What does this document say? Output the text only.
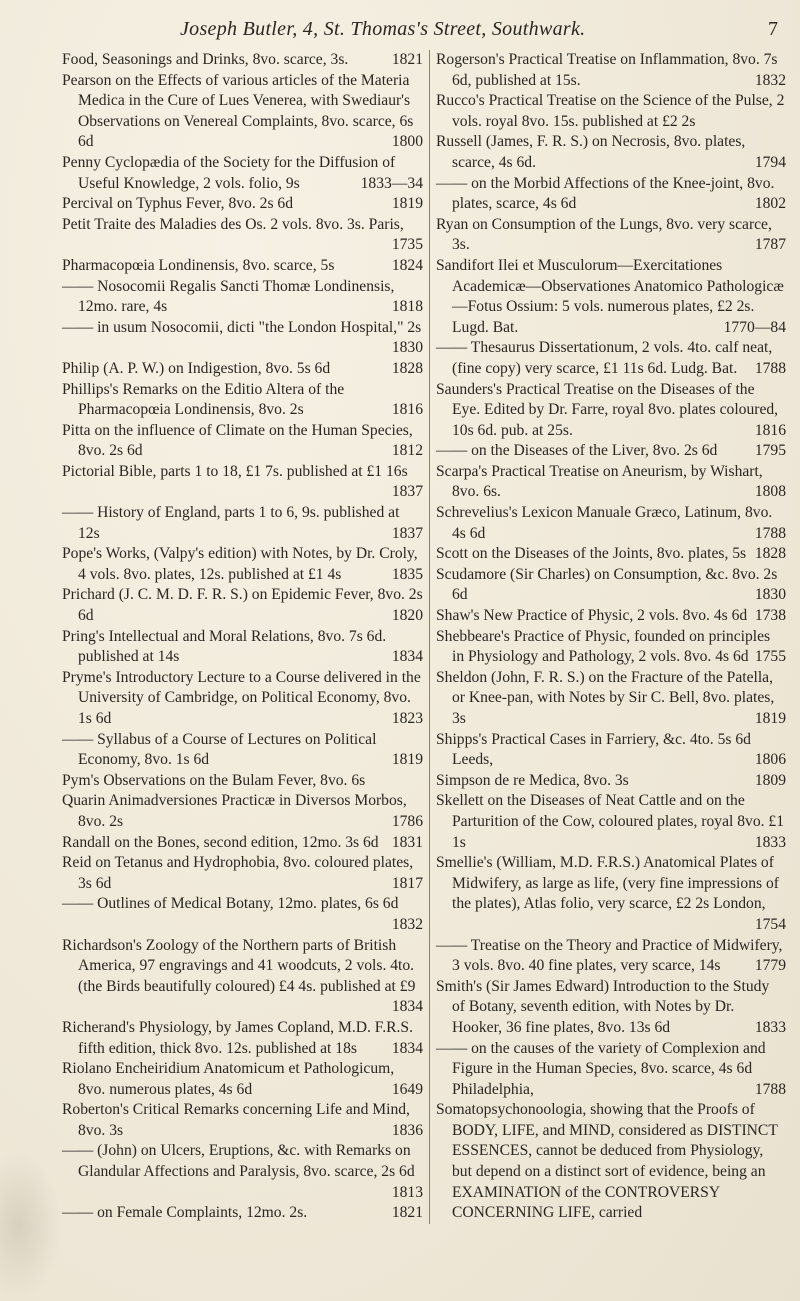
Joseph Butler, 4, St. Thomas's Street, Southwark.	7

Food, Seasonings and Drinks, 8vo. scarce, 3s.	1821

Pearson on the Effects of various articles of the Materia Medica in the Cure of Lues Venerea, with Swediaur's Observations on Venereal Complaints, 8vo. scarce, 6s 6d	1800

Penny Cyclopædia of the Society for the Diffusion of Useful Knowledge, 2 vols. folio, 9s	1833—34

Percival on Typhus Fever, 8vo. 2s 6d	1819

Petit Traite des Maladies des Os. 2 vols. 8vo. 3s. Paris,
1735

Pharmacopœia Londinensis, 8vo. scarce, 5s	1824

—— Nosocomii Regalis Sancti Thomæ Londinensis, 12mo. rare, 4s	1818

—— in usum Nosocomii, dicti "the London Hospital," 2s
1830

Philip (A. P. W.) on Indigestion, 8vo. 5s 6d	1828

Phillips's Remarks on the Editio Altera of the Pharmacopœia Londinensis, 8vo. 2s	1816

Pitta on the influence of Climate on the Human Species, 8vo. 2s 6d	1812

Pictorial Bible, parts 1 to 18, £1 7s. published at £1 16s
1837

—— History of England, parts 1 to 6, 9s. published at 12s	1837

Pope's Works, (Valpy's edition) with Notes, by Dr. Croly, 4 vols. 8vo. plates, 12s. published at £1 4s	1835

Prichard (J. C. M. D. F. R. S.) on Epidemic Fever, 8vo. 2s 6d	1820

Pring's Intellectual and Moral Relations, 8vo. 7s 6d. published at 14s	1834

Pryme's Introductory Lecture to a Course delivered in the University of Cambridge, on Political Economy, 8vo. 1s 6d	1823

—— Syllabus of a Course of Lectures on Political Economy, 8vo. 1s 6d	1819

Pym's Observations on the Bulam Fever, 8vo. 6s

Quarin Animadversiones Practicæ in Diversos Morbos, 8vo. 2s	1786

Randall on the Bones, second edition, 12mo. 3s 6d 1831

Reid on Tetanus and Hydrophobia, 8vo. coloured plates, 3s 6d	1817

—— Outlines of Medical Botany, 12mo. plates, 6s 6d
1832

Richardson's Zoology of the Northern parts of British America, 97 engravings and 41 woodcuts, 2 vols. 4to. (the Birds beautifully coloured) £4 4s. published at £9
1834

Richerand's Physiology, by James Copland, M.D. F.R.S. fifth edition, thick 8vo. 12s. published at 18s 1834

Riolano Encheiridium Anatomicum et Pathologicum, 8vo. numerous plates, 4s 6d	1649

Roberton's Critical Remarks concerning Life and Mind, 8vo. 3s	1836

—— (John) on Ulcers, Eruptions, &c. with Remarks on Glandular Affections and Paralysis, 8vo. scarce, 2s 6d
1813

—— on Female Complaints, 12mo. 2s.	1821

Rogerson's Practical Treatise on Inflammation, 8vo. 7s 6d, published at 15s.	1832

Rucco's Practical Treatise on the Science of the Pulse, 2 vols. royal 8vo. 15s. published at £2 2s

Russell (James, F. R. S.) on Necrosis, 8vo. plates, scarce, 4s 6d.	1794

—— on the Morbid Affections of the Knee-joint, 8vo. plates, scarce, 4s 6d	1802

Ryan on Consumption of the Lungs, 8vo. very scarce, 3s.	1787

Sandifort Ilei et Musculorum—Exercitationes Academicæ—Observationes Anatomico Pathologicæ—Fotus Ossium: 5 vols. numerous plates, £2 2s. Lugd. Bat.	1770—84

—— Thesaurus Dissertationum, 2 vols. 4to. calf neat, (fine copy) very scarce, £1 11s 6d. Ludg. Bat. 1788

Saunders's Practical Treatise on the Diseases of the Eye. Edited by Dr. Farre, royal 8vo. plates coloured, 10s 6d. pub. at 25s.	1816

—— on the Diseases of the Liver, 8vo. 2s 6d 1795

Scarpa's Practical Treatise on Aneurism, by Wishart, 8vo. 6s.	1808

Schrevelius's Lexicon Manuale Græco, Latinum, 8vo. 4s 6d	1788

Scott on the Diseases of the Joints, 8vo. plates, 5s 1828

Scudamore (Sir Charles) on Consumption, &c. 8vo. 2s 6d	1830

Shaw's New Practice of Physic, 2 vols. 8vo. 4s 6d 1738

Shebbeare's Practice of Physic, founded on principles in Physiology and Pathology, 2 vols. 8vo. 4s 6d 1755

Sheldon (John, F. R. S.) on the Fracture of the Patella, or Knee-pan, with Notes by Sir C. Bell, 8vo. plates, 3s	1819

Shipps's Practical Cases in Farriery, &c. 4to. 5s 6d Leeds,	1806

Simpson de re Medica, 8vo. 3s	1809

Skellett on the Diseases of Neat Cattle and on the Parturition of the Cow, coloured plates, royal 8vo. £1 1s	1833

Smellie's (William, M.D. F.R.S.) Anatomical Plates of Midwifery, as large as life, (very fine impressions of the plates), Atlas folio, very scarce, £2 2s London,
1754

—— Treatise on the Theory and Practice of Midwifery, 3 vols. 8vo. 40 fine plates, very scarce, 14s 1779

Smith's (Sir James Edward) Introduction to the Study of Botany, seventh edition, with Notes by Dr. Hooker, 36 fine plates, 8vo. 13s 6d	1833

—— on the causes of the variety of Complexion and Figure in the Human Species, 8vo. scarce, 4s 6d Philadelphia,	1788

Somatopsychonoologia, showing that the Proofs of BODY, LIFE, and MIND, considered as DISTINCT ESSENCES, cannot be deduced from Physiology, but depend on a distinct sort of evidence, being an EXAMINATION of the CONTROVERSY CONCERNING LIFE, carried
